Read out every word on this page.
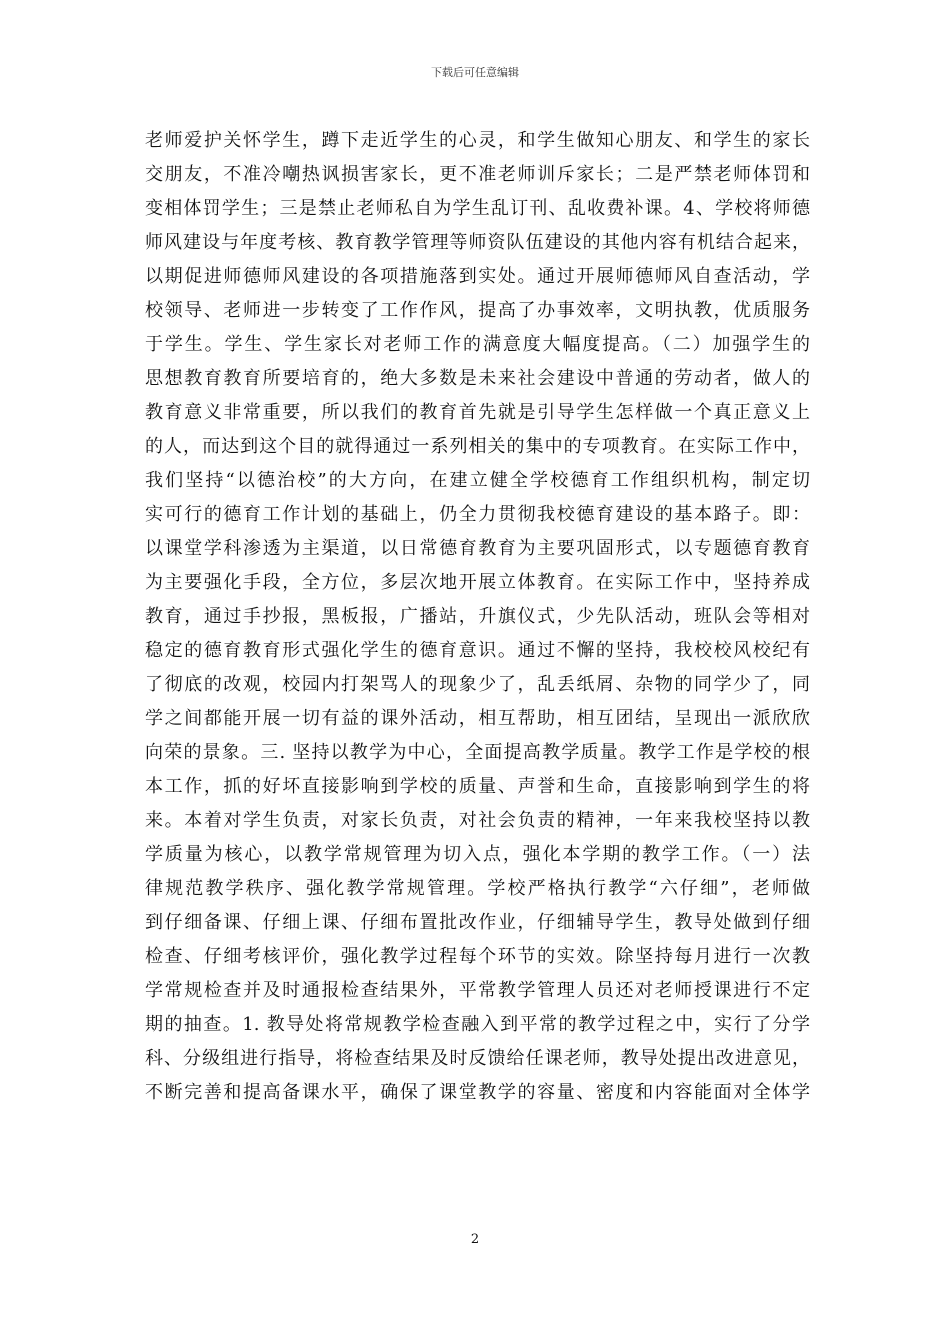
下载后可任意编辑
老师爱护关怀学生，蹲下走近学生的心灵，和学生做知心朋友、和学生的家长
交朋友，不准冷嘲热讽损害家长，更不准老师训斥家长；二是严禁老师体罚和
变相体罚学生；三是禁止老师私自为学生乱订刊、乱收费补课。4、学校将师德
师风建设与年度考核、教育教学管理等师资队伍建设的其他内容有机结合起来，
以期促进师德师风建设的各项措施落到实处。通过开展师德师风自查活动，学
校领导、老师进一步转变了工作作风，提高了办事效率，文明执教，优质服务
于学生。学生、学生家长对老师工作的满意度大幅度提高。（二）加强学生的
思想教育教育所要培育的，绝大多数是未来社会建设中普通的劳动者，做人的
教育意义非常重要，所以我们的教育首先就是引导学生怎样做一个真正意义上
的人，而达到这个目的就得通过一系列相关的集中的专项教育。在实际工作中，
我们坚持“以德治校”的大方向，在建立健全学校德育工作组织机构，制定切
实可行的德育工作计划的基础上，仍全力贯彻我校德育建设的基本路子。即：
以课堂学科渗透为主渠道，以日常德育教育为主要巩固形式，以专题德育教育
为主要强化手段，全方位，多层次地开展立体教育。在实际工作中，坚持养成
教育，通过手抄报，黑板报，广播站，升旗仪式，少先队活动，班队会等相对
稳定的德育教育形式强化学生的德育意识。通过不懈的坚持，我校校风校纪有
了彻底的改观，校园内打架骂人的现象少了，乱丢纸屑、杂物的同学少了，同
学之间都能开展一切有益的课外活动，相互帮助，相互团结，呈现出一派欣欣
向荣的景象。三. 坚持以教学为中心，全面提高教学质量。教学工作是学校的根
本工作，抓的好坏直接影响到学校的质量、声誉和生命，直接影响到学生的将
来。本着对学生负责，对家长负责，对社会负责的精神，一年来我校坚持以教
学质量为核心，以教学常规管理为切入点，强化本学期的教学工作。（一）法
律规范教学秩序、强化教学常规管理。学校严格执行教学“六仔细”，老师做
到仔细备课、仔细上课、仔细布置批改作业，仔细辅导学生，教导处做到仔细
检查、仔细考核评价，强化教学过程每个环节的实效。除坚持每月进行一次教
学常规检查并及时通报检查结果外，平常教学管理人员还对老师授课进行不定
期的抽查。1. 教导处将常规教学检查融入到平常的教学过程之中，实行了分学
科、分级组进行指导，将检查结果及时反馈给任课老师，教导处提出改进意见，
不断完善和提高备课水平，确保了课堂教学的容量、密度和内容能面对全体学
2
